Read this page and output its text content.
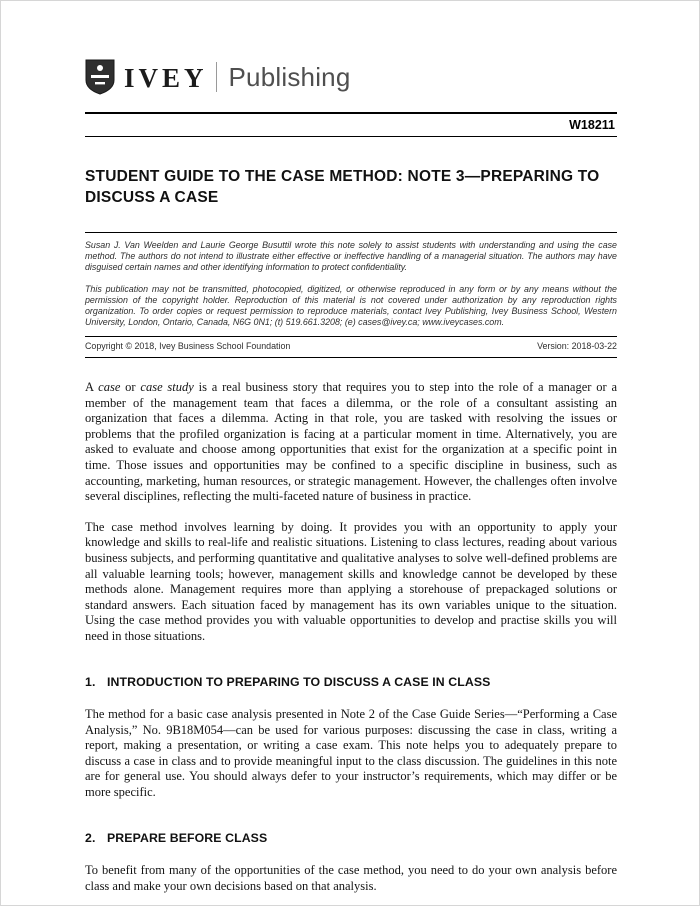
IVEY Publishing
W18211
STUDENT GUIDE TO THE CASE METHOD: NOTE 3—PREPARING TO DISCUSS A CASE

Susan J. Van Weelden and Laurie George Busuttil wrote this note solely to assist students with understanding and using the case method. The authors do not intend to illustrate either effective or ineffective handling of a managerial situation. The authors may have disguised certain names and other identifying information to protect confidentiality.

This publication may not be transmitted, photocopied, digitized, or otherwise reproduced in any form or by any means without the permission of the copyright holder. Reproduction of this material is not covered under authorization by any reproduction rights organization. To order copies or request permission to reproduce materials, contact Ivey Publishing, Ivey Business School, Western University, London, Ontario, Canada, N6G 0N1; (t) 519.661.3208; (e) cases@ivey.ca; www.iveycases.com.

Copyright © 2018, Ivey Business School Foundation	Version: 2018-03-22

A case or case study is a real business story that requires you to step into the role of a manager or a member of the management team that faces a dilemma, or the role of a consultant assisting an organization that faces a dilemma. Acting in that role, you are tasked with resolving the issues or problems that the profiled organization is facing at a particular moment in time. Alternatively, you are asked to evaluate and choose among opportunities that exist for the organization at a specific point in time. Those issues and opportunities may be confined to a specific discipline in business, such as accounting, marketing, human resources, or strategic management. However, the challenges often involve several disciplines, reflecting the multi-faceted nature of business in practice.

The case method involves learning by doing. It provides you with an opportunity to apply your knowledge and skills to real-life and realistic situations. Listening to class lectures, reading about various business subjects, and performing quantitative and qualitative analyses to solve well-defined problems are all valuable learning tools; however, management skills and knowledge cannot be developed by these methods alone. Management requires more than applying a storehouse of prepackaged solutions or standard answers. Each situation faced by management has its own variables unique to the situation. Using the case method provides you with valuable opportunities to develop and practise skills you will need in those situations.

1. INTRODUCTION TO PREPARING TO DISCUSS A CASE IN CLASS

The method for a basic case analysis presented in Note 2 of the Case Guide Series—“Performing a Case Analysis,” No. 9B18M054—can be used for various purposes: discussing the case in class, writing a report, making a presentation, or writing a case exam. This note helps you to adequately prepare to discuss a case in class and to provide meaningful input to the class discussion. The guidelines in this note are for general use. You should always defer to your instructor’s requirements, which may differ or be more specific.

2. PREPARE BEFORE CLASS

To benefit from many of the opportunities of the case method, you need to do your own analysis before class and make your own decisions based on that analysis.
